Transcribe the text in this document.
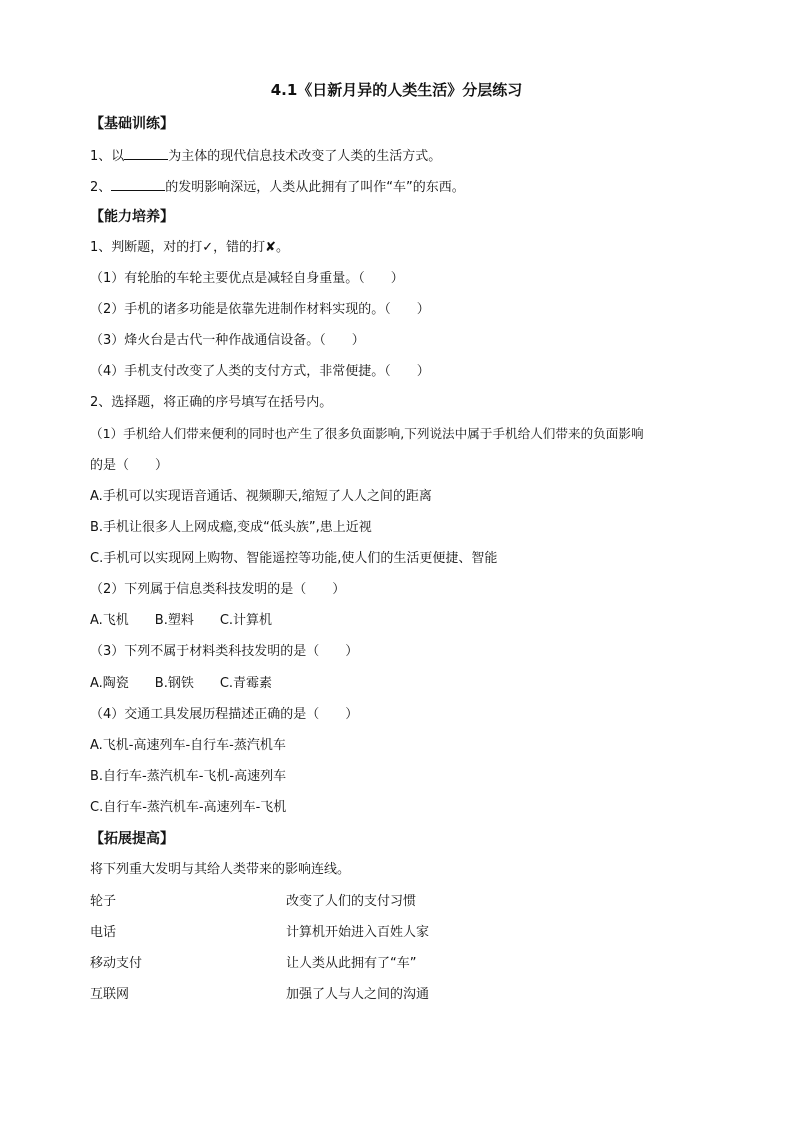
4.1《日新月异的人类生活》分层练习
【基础训练】
1、以	为主体的现代信息技术改变了人类的生活方式。
2、	的发明影响深远，人类从此拥有了叫作“车”的东西。
【能力培养】
1、判断题，对的打✓，错的打✘。
（1）有轮胎的车轮主要优点是减轻自身重量。（　　）
（2）手机的诸多功能是依靠先进制作材料实现的。（　　）
（3）烽火台是古代一种作战通信设备。（　　）
（4）手机支付改变了人类的支付方式，非常便捷。（　　）
2、选择题，将正确的序号填写在括号内。
（1）手机给人们带来便利的同时也产生了很多负面影响,下列说法中属于手机给人们带来的负面影响
的是（　　）
A.手机可以实现语音通话、视频聊天,缩短了人人之间的距离
B.手机让很多人上网成瘾,变成“低头族”,患上近视
C.手机可以实现网上购物、智能遥控等功能,使人们的生活更便捷、智能
（2）下列属于信息类科技发明的是（　　）
A.飞机　　B.塑料　　C.计算机
（3）下列不属于材料类科技发明的是（　　）
A.陶瓷　　B.钢铁　　C.青霉素
（4）交通工具发展历程描述正确的是（　　）
A.飞机-高速列车-自行车-蒸汽机车
B.自行车-蒸汽机车-飞机-高速列车
C.自行车-蒸汽机车-高速列车-飞机
【拓展提高】
将下列重大发明与其给人类带来的影响连线。
轮子	改变了人们的支付习惯
电话	计算机开始进入百姓人家
移动支付	让人类从此拥有了“车”
互联网	加强了人与人之间的沟通
